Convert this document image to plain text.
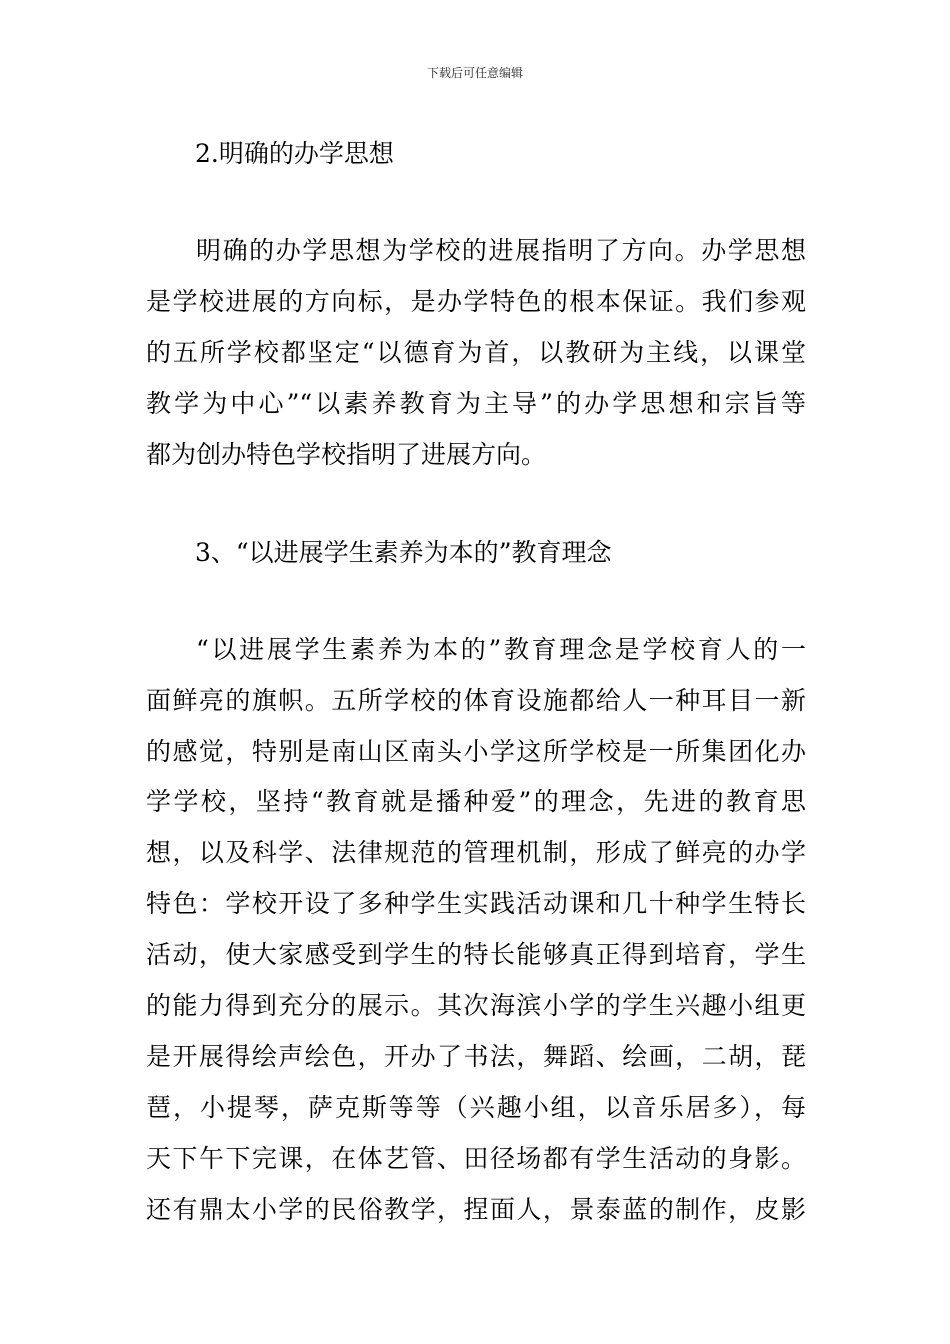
下载后可任意编辑
2.明确的办学思想
明确的办学思想为学校的进展指明了方向。办学思想
是学校进展的方向标，是办学特色的根本保证。我们参观
的五所学校都坚定“以德育为首，以教研为主线，以课堂
教学为中心”“以素养教育为主导”的办学思想和宗旨等
都为创办特色学校指明了进展方向。
3、“以进展学生素养为本的”教育理念
“以进展学生素养为本的”教育理念是学校育人的一
面鲜亮的旗帜。五所学校的体育设施都给人一种耳目一新
的感觉，特别是南山区南头小学这所学校是一所集团化办
学学校，坚持“教育就是播种爱”的理念，先进的教育思
想，以及科学、法律规范的管理机制，形成了鲜亮的办学
特色：学校开设了多种学生实践活动课和几十种学生特长
活动，使大家感受到学生的特长能够真正得到培育，学生
的能力得到充分的展示。其次海滨小学的学生兴趣小组更
是开展得绘声绘色，开办了书法，舞蹈、绘画，二胡，琵
琶，小提琴，萨克斯等等（兴趣小组，以音乐居多），每
天下午下完课，在体艺管、田径场都有学生活动的身影。
还有鼎太小学的民俗教学，捏面人，景泰蓝的制作，皮影
